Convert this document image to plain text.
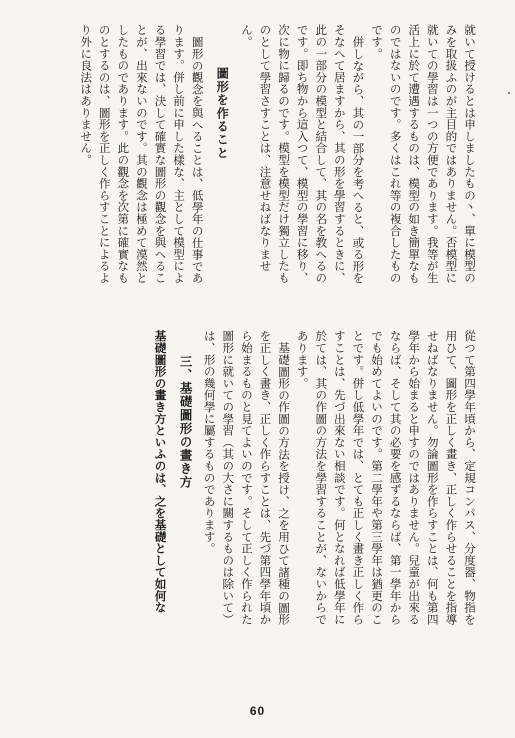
就いて授けるとは申しましたもの丶、單に模型のみを取扱ふのが主目的ではありません。否模型に就いての學習は一つの方便であります。我等が生活上に於て遭遇するものは、模型の如き簡單なものではないのです。多くはこれ等の複合したものです。

併しながら、其の一部分を考へると、或る形をそなへて居ますから、其の形を學習するときに、此の一部分の模型と結合して、其の名を教へるのです。即ち物から這入つて、模型の學習に移り、次に物に歸るのです。模型を模型だけ獨立したものとして學習さすことは、注意せねばなりません。

圖形を作ること

圖形の觀念を與へることは、低學年の仕事であります。併し前に申した樣な、主として模型による學習では、決して確實な圖形の觀念を與へることが、出來ないのです。其の觀念は極めて漠然としたものであります。此の觀念を次第に確實なものとするのは、圖形を正しく作らすことによるより外に良法はありません。

從つて第四學年頃から、定規コンパス、分度器、物指を用ひて、圖形を正しく畫き、正しく作らせることを指導せねばなりません。勿論圖形を作らすことは、何も第四學年から始まると申すのではありません。兒童が出來るならば、そして其の必要を感ずるならば、第一學年からでも始めてよいのです。第二學年や第三學年は猶更のことです。併し低學年では、とても正しく畫き正しく作らすことは、先づ出來ない相談です。何となれば低學年に於ては、其の作圖の方法を學習することが、ないからであります。

基礎圖形の作圖の方法を授け、之を用ひて諸種の圖形を正しく畫き、正しく作らすことは、先づ第四學年頃から始まるものと見てよいのです。そして正しく作られた圖形に就いての學習（其の大さに關するものは除いて）は、形の幾何學に屬するものであります。

三、基礎圖形の畫き方

基礎圖形の畫き方といふのは、之を基礎として如何な

60
